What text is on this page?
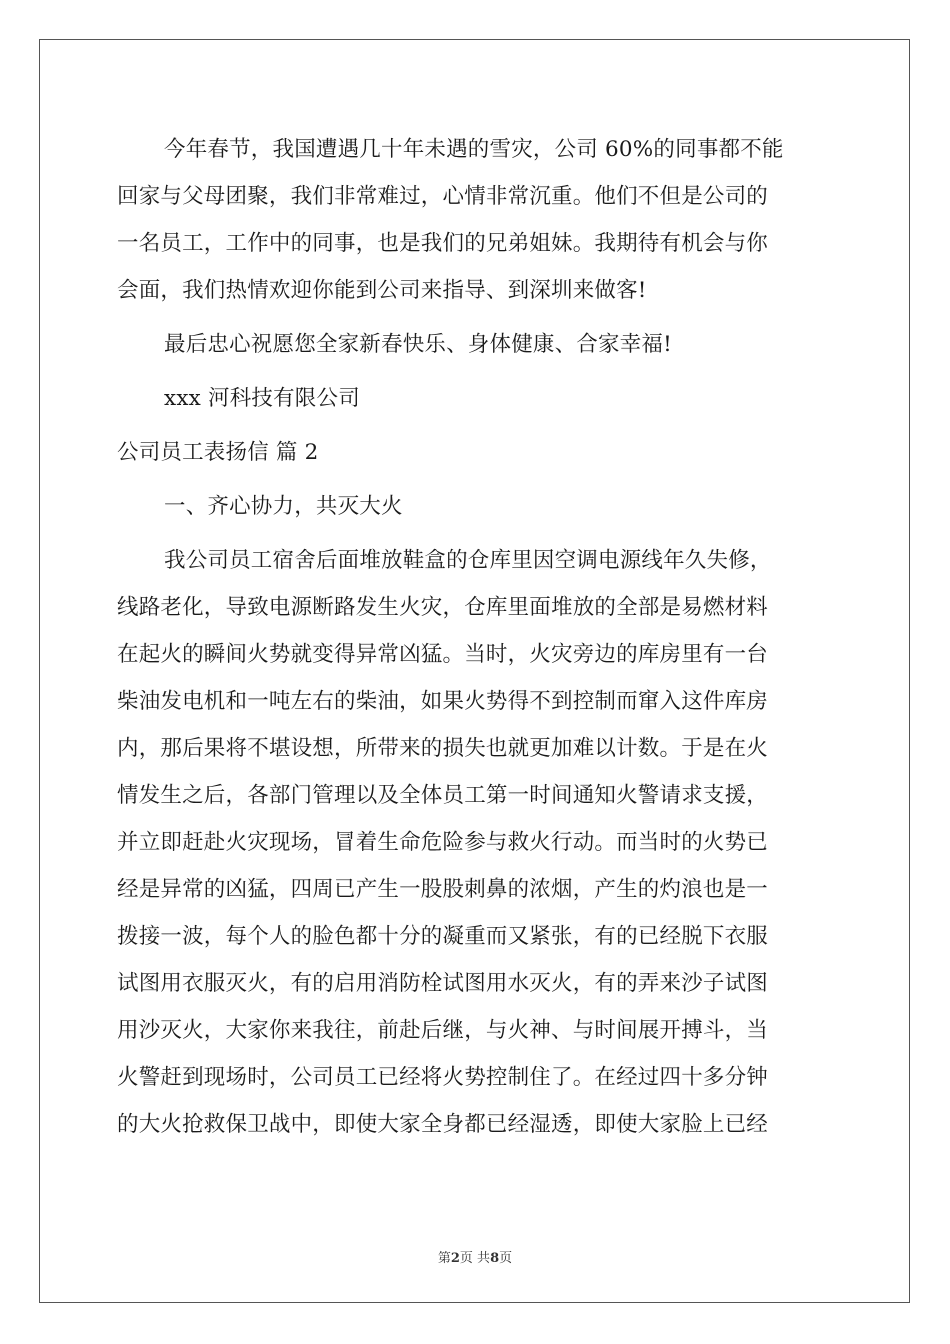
今年春节，我国遭遇几十年未遇的雪灾，公司 60%的同事都不能
回家与父母团聚，我们非常难过，心情非常沉重。他们不但是公司的
一名员工，工作中的同事，也是我们的兄弟姐妹。我期待有机会与你
会面，我们热情欢迎你能到公司来指导、到深圳来做客!
最后忠心祝愿您全家新春快乐、身体健康、合家幸福!
xxx 河科技有限公司
公司员工表扬信 篇 2
一、齐心协力，共灭大火
我公司员工宿舍后面堆放鞋盒的仓库里因空调电源线年久失修，
线路老化，导致电源断路发生火灾，仓库里面堆放的全部是易燃材料
在起火的瞬间火势就变得异常凶猛。当时，火灾旁边的库房里有一台
柴油发电机和一吨左右的柴油，如果火势得不到控制而窜入这件库房
内，那后果将不堪设想，所带来的损失也就更加难以计数。于是在火
情发生之后，各部门管理以及全体员工第一时间通知火警请求支援，
并立即赶赴火灾现场，冒着生命危险参与救火行动。而当时的火势已
经是异常的凶猛，四周已产生一股股刺鼻的浓烟，产生的灼浪也是一
拨接一波，每个人的脸色都十分的凝重而又紧张，有的已经脱下衣服
试图用衣服灭火，有的启用消防栓试图用水灭火，有的弄来沙子试图
用沙灭火，大家你来我往，前赴后继，与火神、与时间展开搏斗，当
火警赶到现场时，公司员工已经将火势控制住了。在经过四十多分钟
的大火抢救保卫战中，即使大家全身都已经湿透，即使大家脸上已经
第2页 共8页
